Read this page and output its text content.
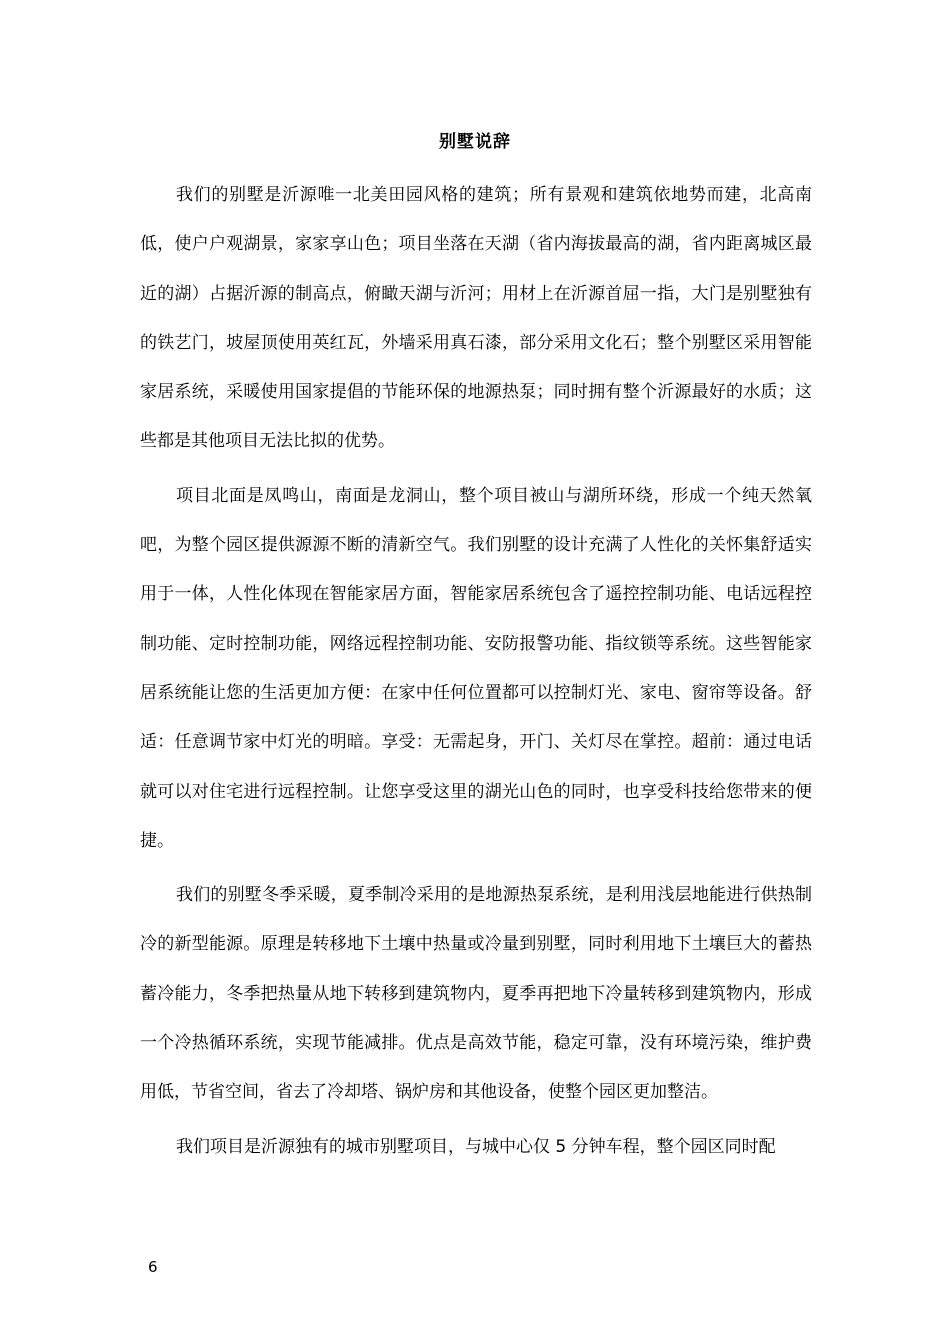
别墅说辞

我们的别墅是沂源唯一北美田园风格的建筑；所有景观和建筑依地势而建，北高南低，使户户观湖景，家家享山色；项目坐落在天湖（省内海拔最高的湖，省内距离城区最近的湖）占据沂源的制高点，俯瞰天湖与沂河；用材上在沂源首屈一指，大门是别墅独有的铁艺门，坡屋顶使用英红瓦，外墙采用真石漆，部分采用文化石；整个别墅区采用智能家居系统，采暖使用国家提倡的节能环保的地源热泵；同时拥有整个沂源最好的水质；这些都是其他项目无法比拟的优势。

项目北面是凤鸣山，南面是龙洞山，整个项目被山与湖所环绕，形成一个纯天然氧吧，为整个园区提供源源不断的清新空气。我们别墅的设计充满了人性化的关怀集舒适实用于一体，人性化体现在智能家居方面，智能家居系统包含了遥控控制功能、电话远程控制功能、定时控制功能，网络远程控制功能、安防报警功能、指纹锁等系统。这些智能家居系统能让您的生活更加方便：在家中任何位置都可以控制灯光、家电、窗帘等设备。舒适：任意调节家中灯光的明暗。享受：无需起身，开门、关灯尽在掌控。超前：通过电话就可以对住宅进行远程控制。让您享受这里的湖光山色的同时，也享受科技给您带来的便捷。

我们的别墅冬季采暖，夏季制冷采用的是地源热泵系统，是利用浅层地能进行供热制冷的新型能源。原理是转移地下土壤中热量或冷量到别墅，同时利用地下土壤巨大的蓄热蓄冷能力，冬季把热量从地下转移到建筑物内，夏季再把地下冷量转移到建筑物内，形成一个冷热循环系统，实现节能减排。优点是高效节能，稳定可靠，没有环境污染，维护费用低，节省空间，省去了冷却塔、锅炉房和其他设备，使整个园区更加整洁。

我们项目是沂源独有的城市别墅项目，与城中心仅 5 分钟车程，整个园区同时配

6
